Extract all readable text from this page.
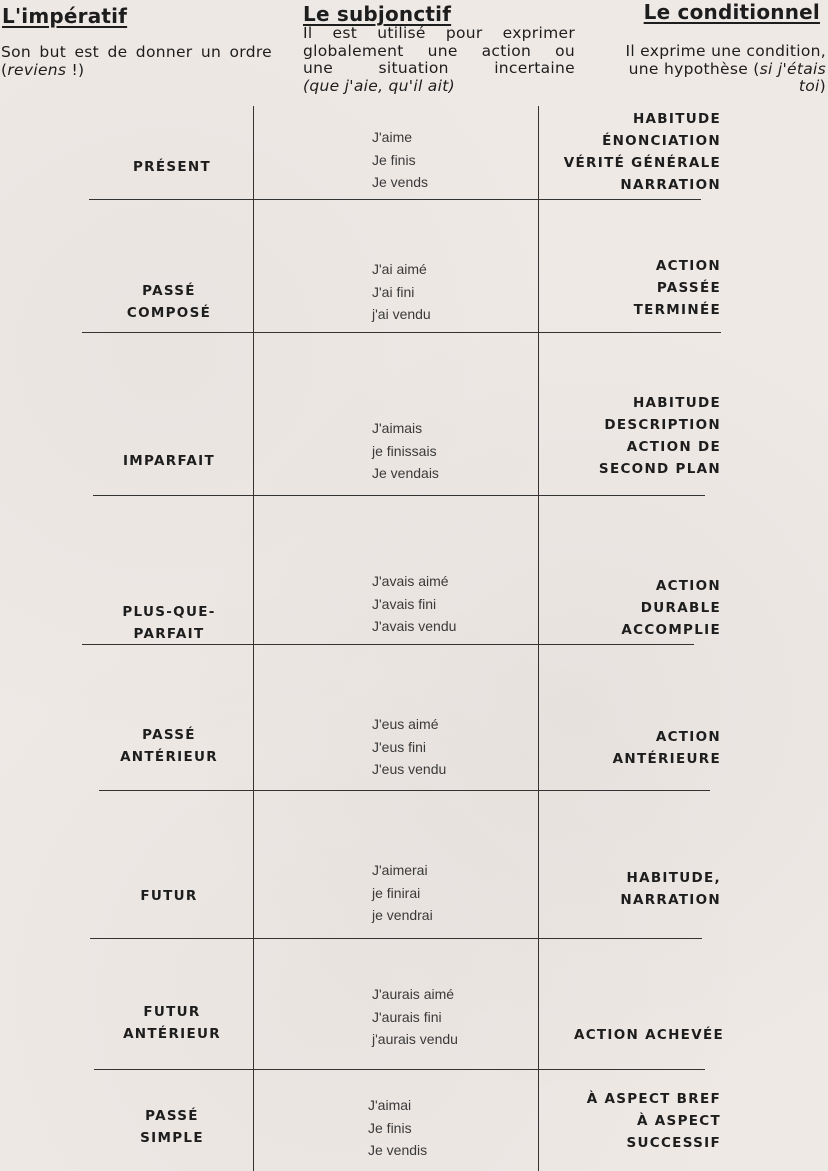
L'impératif
Son but est de donner un ordre (reviens !)
Le subjonctif
Il est utilisé pour exprimer
globalement une action ou
une situation incertaine
(que j'aie, qu'il ait)
Le conditionnel
Il exprime une condition,
une hypothèse (si j'étais
toi)
PRÉSENT
J'aime
Je finis
Je vends
HABITUDE
ÉNONCIATION
VÉRITÉ GÉNÉRALE
NARRATION
PASSÉ
COMPOSÉ
J'ai aimé
J'ai fini
j'ai vendu
ACTION
PASSÉE
TERMINÉE
IMPARFAIT
J'aimais
je finissais
Je vendais
HABITUDE
DESCRIPTION
ACTION DE
SECOND PLAN
PLUS-QUE-
PARFAIT
J'avais aimé
J'avais fini
J'avais vendu
ACTION
DURABLE
ACCOMPLIE
PASSÉ
ANTÉRIEUR
J'eus aimé
J'eus fini
J'eus vendu
ACTION
ANTÉRIEURE
FUTUR
J'aimerai
je finirai
je vendrai
HABITUDE,
NARRATION
FUTUR
ANTÉRIEUR
J'aurais aimé
J'aurais fini
j'aurais vendu	ACTION ACHEVÉE
PASSÉ
SIMPLE
J'aimai
Je finis
Je vendis
À ASPECT BREF
À ASPECT
SUCCESSIF
